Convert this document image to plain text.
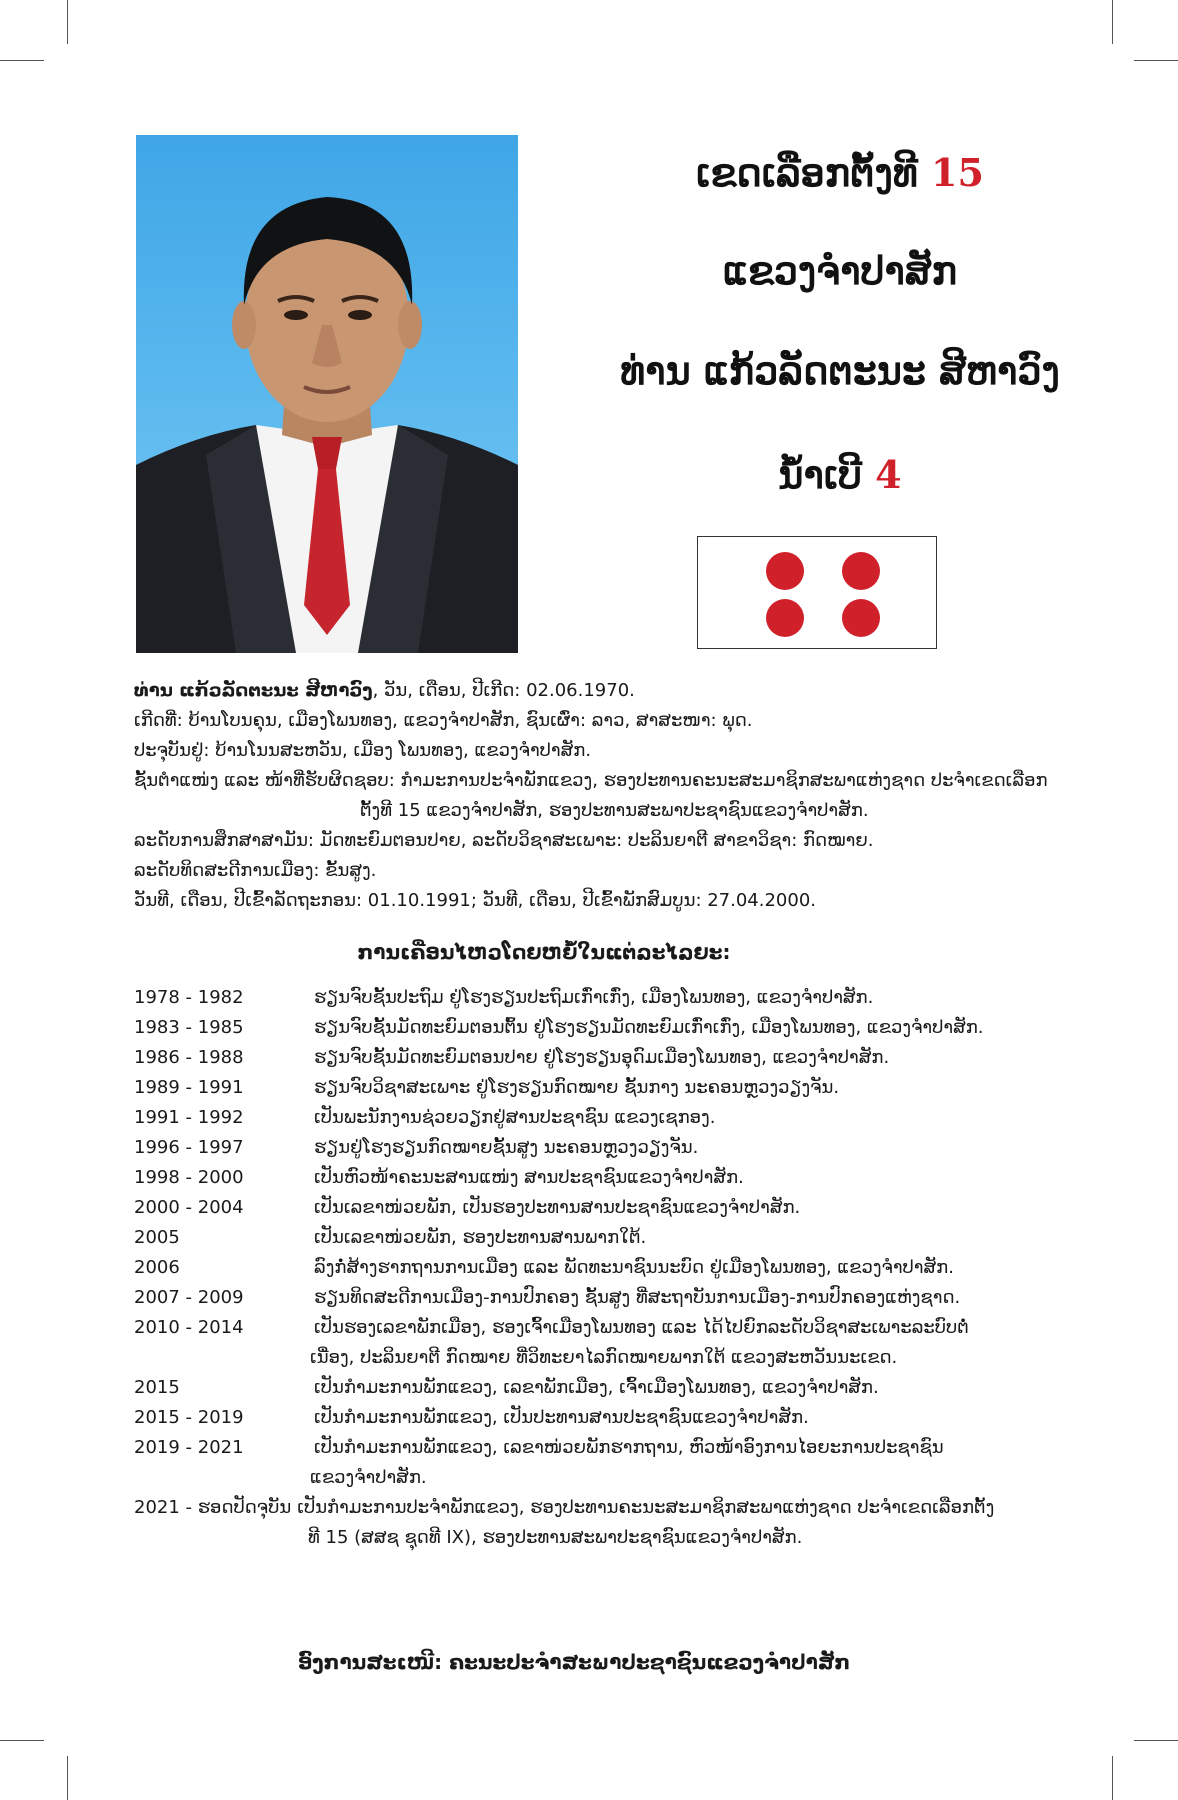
ເຂດເລືອກຕັ້ງທີ 15
ແຂວງຈຳປາສັກ
ທ່ານ ແກ້ວລັດຕະນະ ສີຫາວົງ
ນ້ຳເບີ 4
ທ່ານ ແກ້ວລັດຕະນະ ສີຫາວົງ, ວັນ, ເດືອນ, ປີເກີດ: 02.06.1970.
ເກີດທີ່: ບ້ານໂບນຄຸນ, ເມືອງໂພນທອງ, ແຂວງຈຳປາສັກ, ຊົນເຜົ່າ: ລາວ, ສາສະໜາ: ພຸດ.
ປະຈຸບັນຢູ່: ບ້ານໂນນສະຫວັນ, ເມືອງ ໂພນທອງ, ແຂວງຈຳປາສັກ.
ຊັ້ນຕຳແໜ່ງ ແລະ ໜ້າທີ່ຮັບຜິດຊອບ: ກຳມະການປະຈຳພັກແຂວງ, ຮອງປະທານຄະນະສະມາຊິກສະພາແຫ່ງຊາດ ປະຈຳເຂດເລືອກ
ຕັ້ງທີ 15 ແຂວງຈຳປາສັກ, ຮອງປະທານສະພາປະຊາຊົນແຂວງຈຳປາສັກ.
ລະດັບການສຶກສາສາມັນ: ມັດທະຍົມຕອນປາຍ, ລະດັບວິຊາສະເພາະ: ປະລິນຍາຕີ ສາຂາວິຊາ: ກົດໝາຍ.
ລະດັບທິດສະດີການເມືອງ: ຂັ້ນສູງ.
ວັນທີ, ເດືອນ, ປີເຂົ້າລັດຖະກອນ: 01.10.1991; ວັນທີ, ເດືອນ, ປີເຂົ້າພັກສົມບູນ: 27.04.2000.
ການເຄື່ອນໄຫວໂດຍຫຍໍ້ໃນແຕ່ລະໄລຍະ:
1978 - 1982	ຮຽນຈົບຊັ້ນປະຖົມ ຢູ່ໂຮງຮຽນປະຖົມເກົ່າເກົ່ງ, ເມືອງໂພນທອງ, ແຂວງຈຳປາສັກ.
1983 - 1985	ຮຽນຈົບຊັ້ນມັດທະຍົມຕອນຕົ້ນ ຢູ່ໂຮງຮຽນມັດທະຍົມເກົ່າເກົ່ງ, ເມືອງໂພນທອງ, ແຂວງຈຳປາສັກ.
1986 - 1988	ຮຽນຈົບຊັ້ນມັດທະຍົມຕອນປາຍ ຢູ່ໂຮງຮຽນອຸດົມເມືອງໂພນທອງ, ແຂວງຈຳປາສັກ.
1989 - 1991	ຮຽນຈົບວິຊາສະເພາະ ຢູ່ໂຮງຮຽນກົດໝາຍ ຊັ້ນກາງ ນະຄອນຫຼວງວຽງຈັນ.
1991 - 1992	ເປັນພະນັກງານຊ່ວຍວຽກຢູ່ສານປະຊາຊົນ ແຂວງເຊກອງ.
1996 - 1997	ຮຽນຢູ່ໂຮງຮຽນກົດໝາຍຊັ້ນສູງ ນະຄອນຫຼວງວຽງຈັນ.
1998 - 2000	ເປັນຫົວໜ້າຄະນະສານແໜ່ງ ສານປະຊາຊົນແຂວງຈຳປາສັກ.
2000 - 2004	ເປັນເລຂາໜ່ວຍພັກ, ເປັນຮອງປະທານສານປະຊາຊົນແຂວງຈຳປາສັກ.
2005	ເປັນເລຂາໜ່ວຍພັກ, ຮອງປະທານສານພາກໃຕ້.
2006	ລົງກໍ່ສ້າງຮາກຖານການເມືອງ ແລະ ພັດທະນາຊົນນະບົດ ຢູ່ເມືອງໂພນທອງ, ແຂວງຈຳປາສັກ.
2007 - 2009	ຮຽນທິດສະດີການເມືອງ-ການປົກຄອງ ຊັ້ນສູງ ທີ່ສະຖາບັນການເມືອງ-ການປົກຄອງແຫ່ງຊາດ.
2010 - 2014	ເປັນຮອງເລຂາພັກເມືອງ, ຮອງເຈົ້າເມືອງໂພນທອງ ແລະ ໄດ້ໄປຍົກລະດັບວິຊາສະເພາະລະບົບຕໍ່
ເນື່ອງ, ປະລິນຍາຕີ ກົດໝາຍ ທີ່ວິທະຍາໄລກົດໝາຍພາກໃຕ້ ແຂວງສະຫວັນນະເຂດ.
2015	ເປັນກຳມະການພັກແຂວງ, ເລຂາພັກເມືອງ, ເຈົ້າເມືອງໂພນທອງ, ແຂວງຈຳປາສັກ.
2015 - 2019	ເປັນກຳມະການພັກແຂວງ, ເປັນປະທານສານປະຊາຊົນແຂວງຈຳປາສັກ.
2019 - 2021	ເປັນກຳມະການພັກແຂວງ, ເລຂາໜ່ວຍພັກຮາກຖານ, ຫົວໜ້າອົງການໄອຍະການປະຊາຊົນ
ແຂວງຈຳປາສັກ.
2021 - ຮອດປັດຈຸບັນ ເປັນກຳມະການປະຈຳພັກແຂວງ, ຮອງປະທານຄະນະສະມາຊິກສະພາແຫ່ງຊາດ ປະຈຳເຂດເລືອກຕັ້ງ
ທີ 15 (ສສຊ ຊຸດທີ IX), ຮອງປະທານສະພາປະຊາຊົນແຂວງຈຳປາສັກ.
ອົງການສະເໜີ: ຄະນະປະຈຳສະພາປະຊາຊົນແຂວງຈຳປາສັກ
